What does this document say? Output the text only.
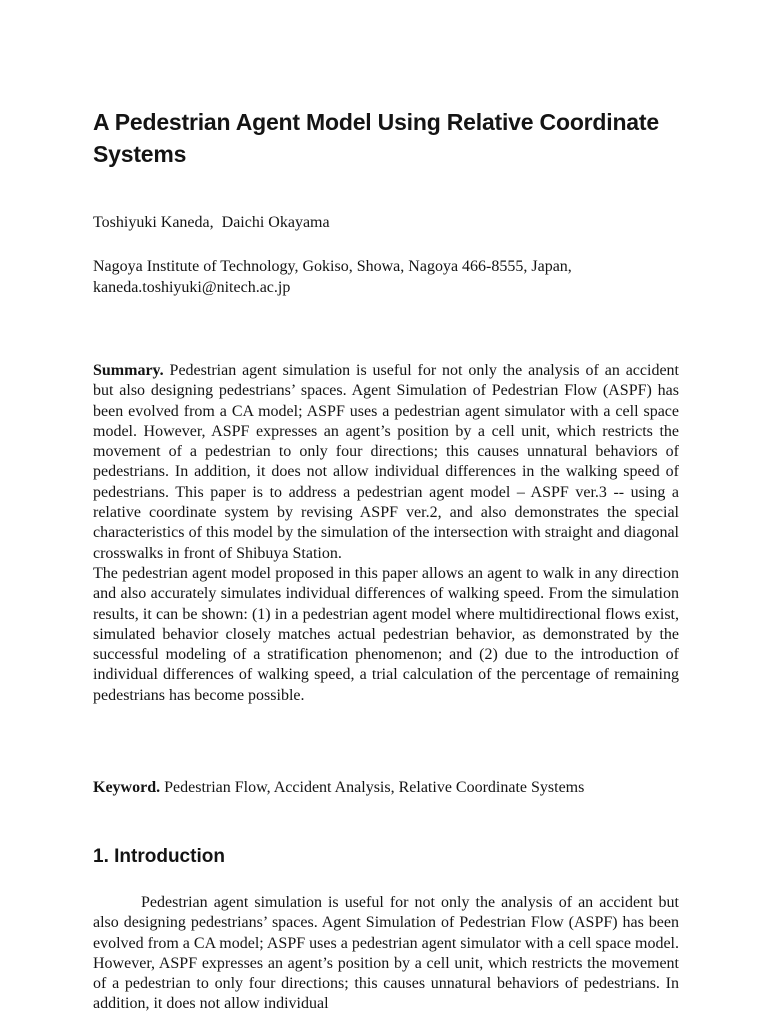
A Pedestrian Agent Model Using Relative Coordinate Systems
Toshiyuki Kaneda,  Daichi Okayama
Nagoya Institute of Technology, Gokiso, Showa, Nagoya 466-8555, Japan,
kaneda.toshiyuki@nitech.ac.jp

Summary. Pedestrian agent simulation is useful for not only the analysis of an accident but also designing pedestrians’ spaces. Agent Simulation of Pedestrian Flow (ASPF) has been evolved from a CA model; ASPF uses a pedestrian agent simulator with a cell space model. However, ASPF expresses an agent’s position by a cell unit, which restricts the movement of a pedestrian to only four directions; this causes unnatural behaviors of pedestrians. In addition, it does not allow individual differences in the walking speed of pedestrians. This paper is to address a pedestrian agent model – ASPF ver.3 -- using a relative coordinate system by revising ASPF ver.2, and also demonstrates the special characteristics of this model by the simulation of the intersection with straight and diagonal crosswalks in front of Shibuya Station.

The pedestrian agent model proposed in this paper allows an agent to walk in any direction and also accurately simulates individual differences of walking speed. From the simulation results, it can be shown: (1) in a pedestrian agent model where multidirectional flows exist, simulated behavior closely matches actual pedestrian behavior, as demonstrated by the successful modeling of a stratification phenomenon; and (2) due to the introduction of individual differences of walking speed, a trial calculation of the percentage of remaining pedestrians has become possible.

Keyword. Pedestrian Flow, Accident Analysis, Relative Coordinate Systems
1. Introduction

Pedestrian agent simulation is useful for not only the analysis of an accident but also designing pedestrians’ spaces. Agent Simulation of Pedestrian Flow (ASPF) has been evolved from a CA model; ASPF uses a pedestrian agent simulator with a cell space model. However, ASPF expresses an agent’s position by a cell unit, which restricts the movement of a pedestrian to only four directions; this causes unnatural behaviors of pedestrians. In addition, it does not allow individual
